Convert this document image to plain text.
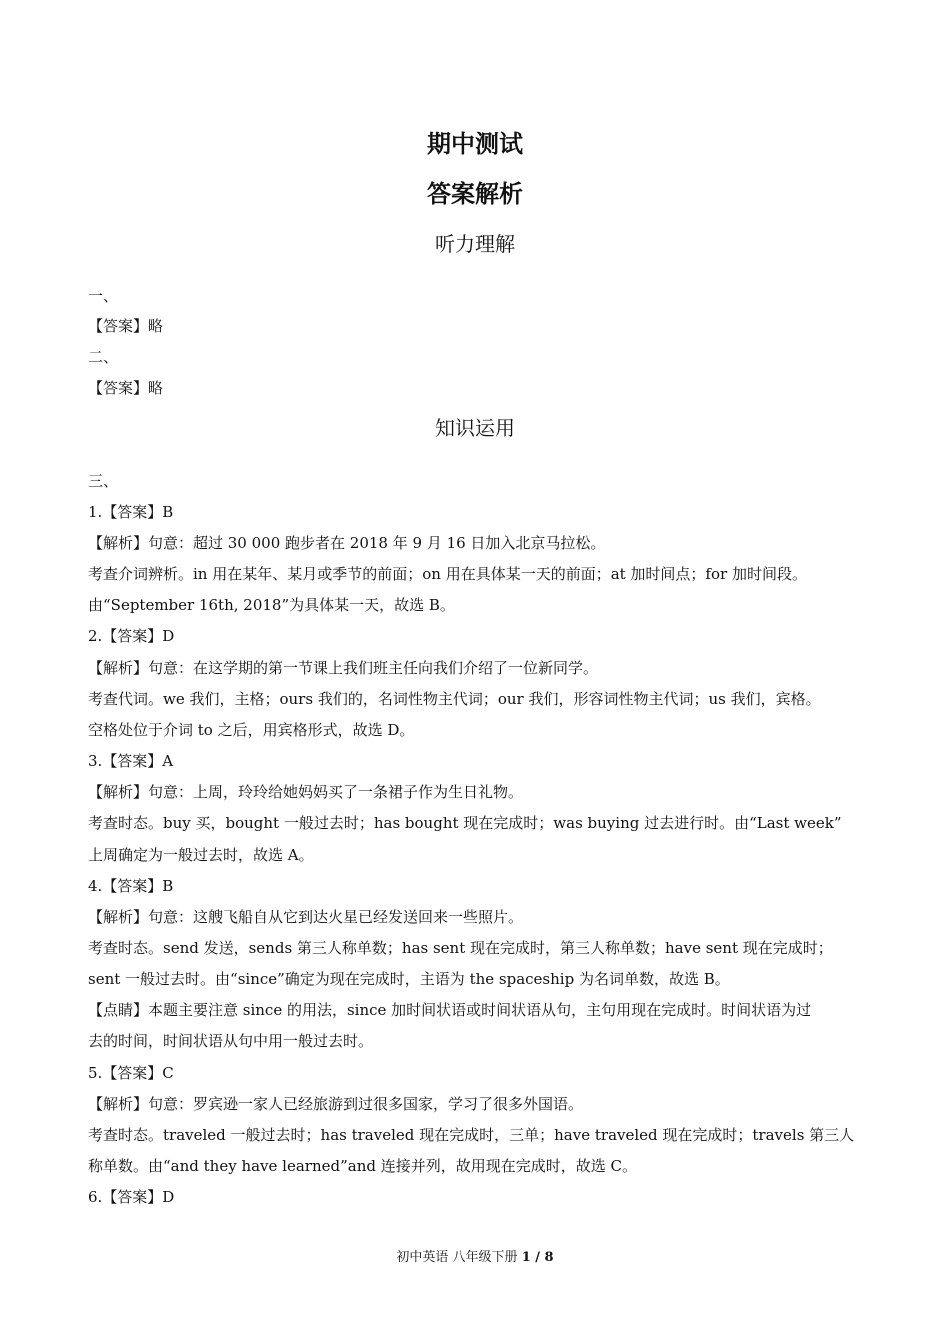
期中测试
答案解析
听力理解
一、
【答案】略
二、
【答案】略
知识运用
三、
1.【答案】B
【解析】句意：超过 30 000 跑步者在 2018 年 9 月 16 日加入北京马拉松。
考查介词辨析。in 用在某年、某月或季节的前面；on 用在具体某一天的前面；at 加时间点；for 加时间段。
由“September 16th, 2018”为具体某一天，故选 B。
2.【答案】D
【解析】句意：在这学期的第一节课上我们班主任向我们介绍了一位新同学。
考查代词。we 我们，主格；ours 我们的，名词性物主代词；our 我们，形容词性物主代词；us 我们，宾格。
空格处位于介词 to 之后，用宾格形式，故选 D。
3.【答案】A
【解析】句意：上周，玲玲给她妈妈买了一条裙子作为生日礼物。
考查时态。buy 买，bought 一般过去时；has bought 现在完成时；was buying 过去进行时。由“Last week”
上周确定为一般过去时，故选 A。
4.【答案】B
【解析】句意：这艘飞船自从它到达火星已经发送回来一些照片。
考查时态。send 发送，sends 第三人称单数；has sent 现在完成时，第三人称单数；have sent 现在完成时；
sent 一般过去时。由“since”确定为现在完成时，主语为 the spaceship 为名词单数，故选 B。
【点睛】本题主要注意 since 的用法，since 加时间状语或时间状语从句，主句用现在完成时。时间状语为过
去的时间，时间状语从句中用一般过去时。
5.【答案】C
【解析】句意：罗宾逊一家人已经旅游到过很多国家，学习了很多外国语。
考查时态。traveled 一般过去时；has traveled 现在完成时，三单；have traveled 现在完成时；travels 第三人
称单数。由“and they have learned”and 连接并列，故用现在完成时，故选 C。
6.【答案】D
初中英语 八年级下册 1 / 8
